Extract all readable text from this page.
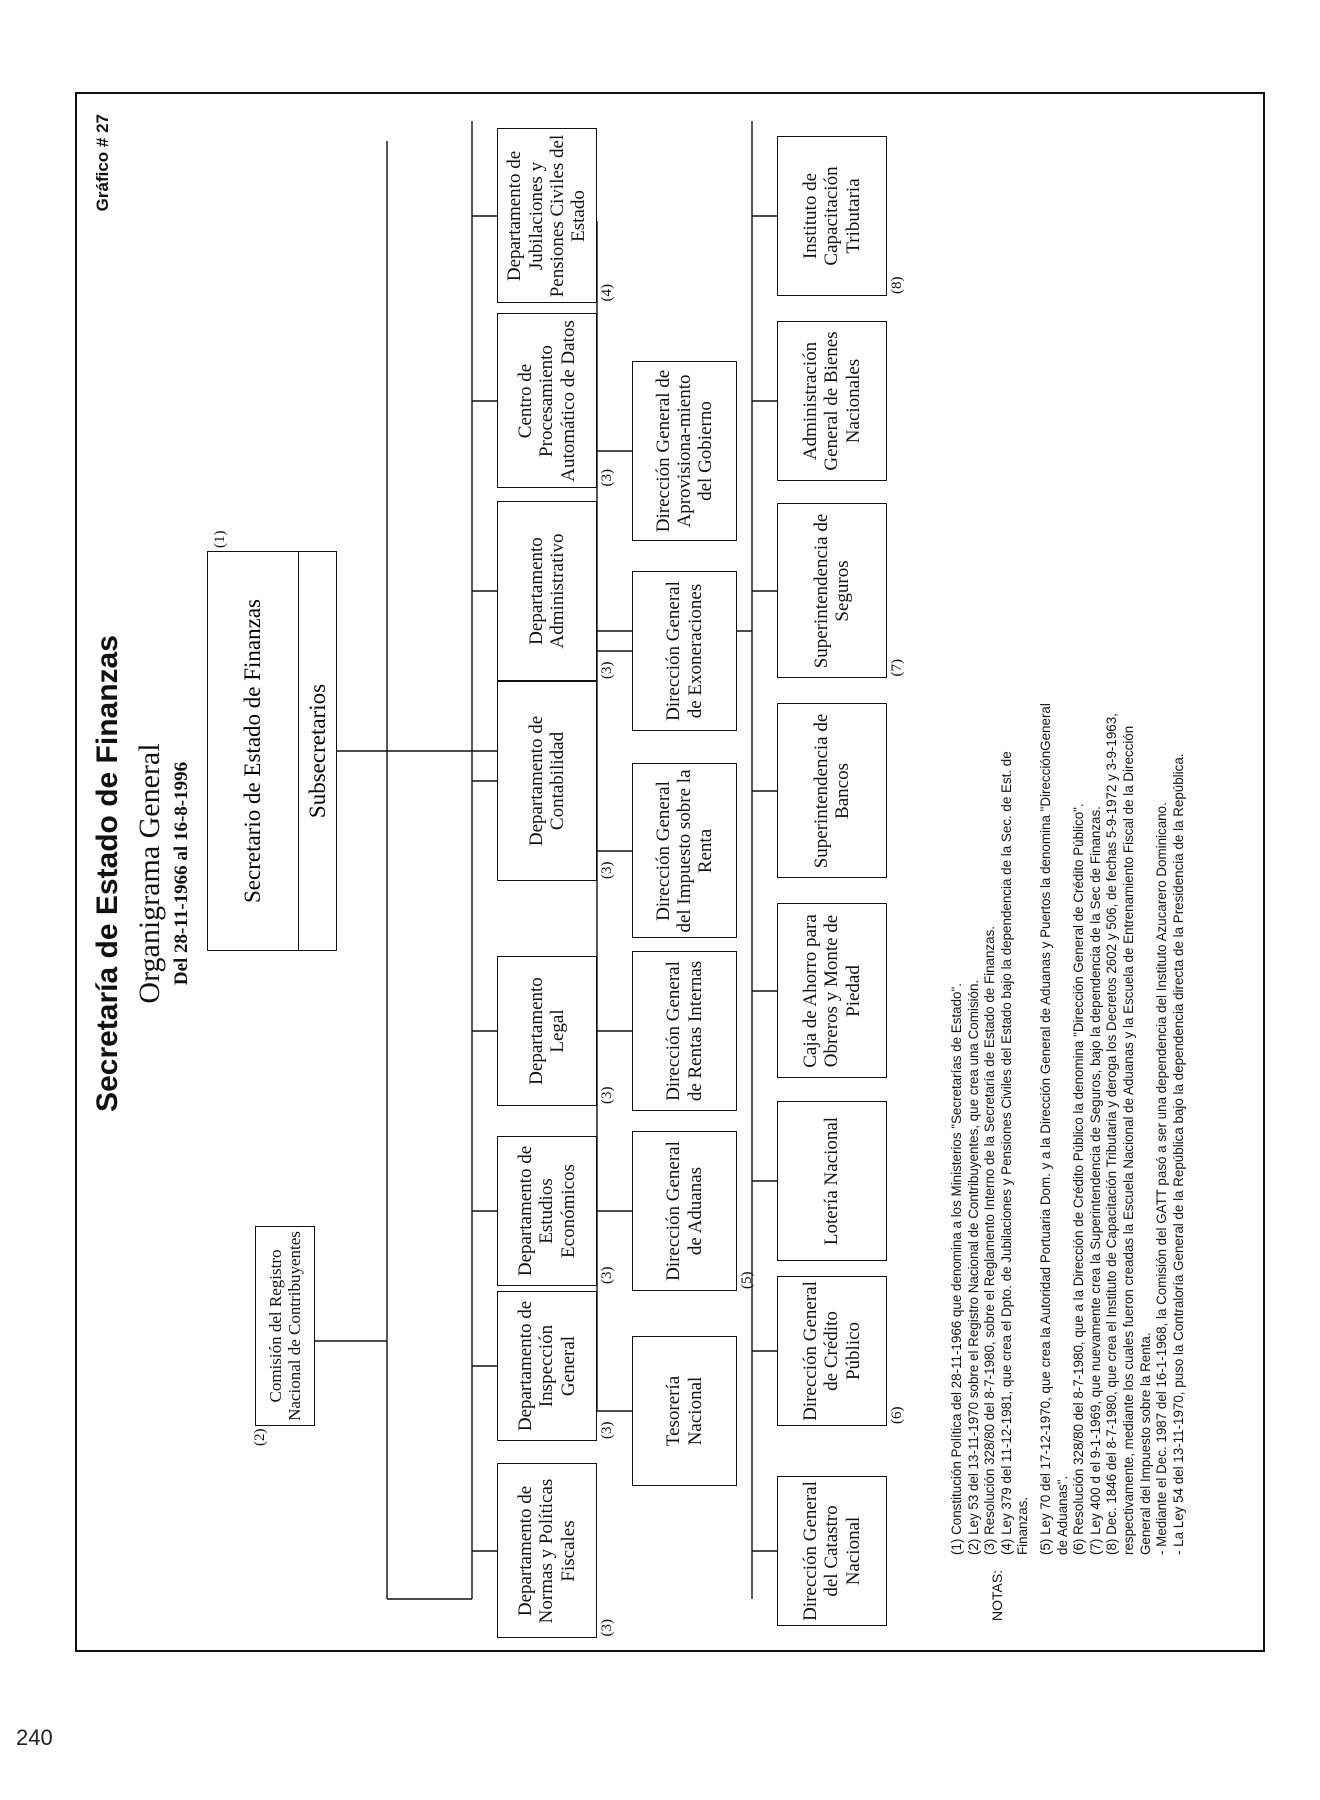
Secretaría de Estado de Finanzas Organigrama General Del 28-11-1966 al 16-8-1996
Gráfico # 27
Secretario de Estado de Finanzas	Subsecretarios
(1)
Comisión del Registro Nacional de Contribuyentes
(2)
Departamento de Normas y Políticas Fiscales
(3)
Departamento de Inspección General
(3)
Departamento de Estudios Económicos
(3)
Departamento Legal
(3)
Departamento de Contabilidad
(3)
Departamento Administrativo
(3)
Centro de Procesamiento Automático de Datos (3)
Departamento de Jubilaciones y Pensiones Civiles del Estado
(4)
Tesorería Nacional
Dirección General de Aduanas
(5)
Dirección General de Rentas Internas
Dirección General del Impuesto sobre la Renta
Dirección General de Exoneraciones
Dirección General de Aprovisiona-miento del Gobierno
Dirección General del Catastro Nacional
Dirección General de Crédito Público
(6)
Lotería Nacional
Caja de Ahorro para Obreros y Monte de Piedad
Superintendencia de Bancos
Superintendencia de Seguros
(7)
Administración General de Bienes Nacionales
Instituto de Capacitación Tributaria
(8)
NOTAS:
(1) Constitución Política del 28-11-1966 que denomina a los Ministerios "Secretarías de Estado". (2) Ley 53 del 13-11-1970 sobre el Registro Nacional de Contribuyentes, que crea una Comisión. (3) Resolución 328/80 del 8-7-1980, sobre el Reglamento Interno de la Secretaría de Estado de Finanzas. (4) Ley 379 del 11-12-1981, que crea el Dpto. de Jubilaciones y Pensiones Civiles del Estado bajo la dependencia de la Sec. de Est. de Finanzas. (5) Ley 70 del 17-12-1970, que crea la Autoridad Portuaria Dom. y a la Dirección General de Aduanas y Puertos la denomina "DirecciónGeneral de Aduanas". (6) Resolución 328/80 del 8-7-1980, que a la Dirección de Crédito Público la denomina "Dirección General de Crédito Público". (7) Ley 400 d el 9-1-1969, que nuevamente crea la Superintendencia de Seguros, bajo la dependencia de la Sec de Finanzas. (8) Dec. 1846 del 8-7-1980, que crea el Instituto de Capacitación Tributaria y deroga los Decretos 2602 y 506, de fechas 5-9-1972 y 3-9-1963, respectivamente, mediante los cuales fueron creadas la Escuela Nacional de Aduanas y la Escuela de Entrenamiento Fiscal de la Dirección General del Impuesto sobre la Renta. - Mediante el Dec. 1987 del 16-1-1968, la Comisión del GATT pasó a ser una dependencia del Instituto Azucarero Dominicano. - La Ley 54 del 13-11-1970, puso la Contraloría General de la República bajo la dependencia directa de la Presidencia de la República.
240
